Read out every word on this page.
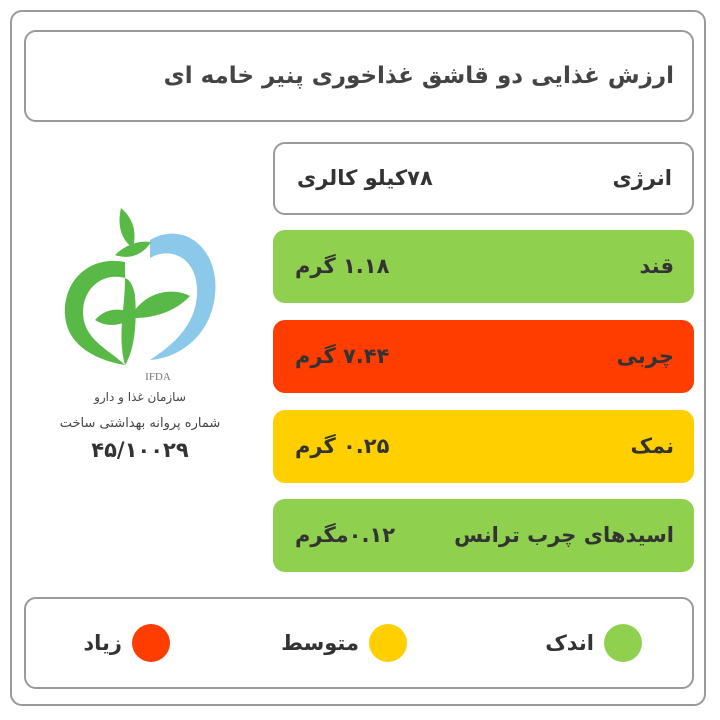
ارزش غذایی دو قاشق غذاخوری پنیر خامه ای
انرژی
۷۸کیلو کالری
قند
۱.۱۸ گرم
چربی
۷.۴۴ گرم
نمک
۰.۲۵ گرم
اسیدهای چرب ترانس
۰.۱۲مگرم
IFDA
سازمان غذا و دارو
شماره پروانه بهداشتی ساخت
۴۵/۱۰۰۲۹
اندک
متوسط
زیاد
